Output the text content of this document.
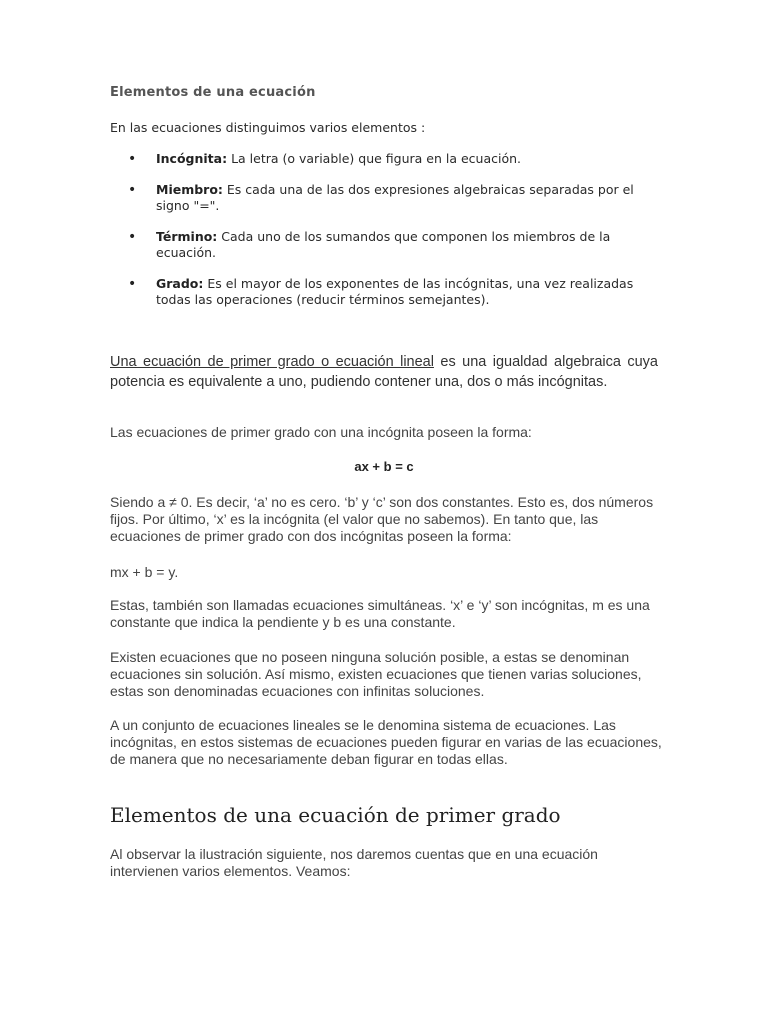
Elementos de una ecuación
En las ecuaciones distinguimos varios elementos :
• Incógnita: La letra (o variable) que figura en la ecuación.
• Miembro: Es cada una de las dos expresiones algebraicas separadas por el signo "=".
• Término: Cada uno de los sumandos que componen los miembros de la ecuación.
• Grado: Es el mayor de los exponentes de las incógnitas, una vez realizadas todas las operaciones (reducir términos semejantes).
Una ecuación de primer grado o ecuación lineal es una igualdad algebraica cuya potencia es equivalente a uno, pudiendo contener una, dos o más incógnitas.
Las ecuaciones de primer grado con una incógnita poseen la forma:
ax + b = c
Siendo a ≠ 0. Es decir, ‘a’ no es cero. ‘b’ y ‘c’ son dos constantes. Esto es, dos números fijos. Por último, ‘x’ es la incógnita (el valor que no sabemos). En tanto que, las ecuaciones de primer grado con dos incógnitas poseen la forma:
mx + b = y.
Estas, también son llamadas ecuaciones simultáneas. ‘x’ e ‘y’ son incógnitas, m es una constante que indica la pendiente y b es una constante.
Existen ecuaciones que no poseen ninguna solución posible, a estas se denominan ecuaciones sin solución. Así mismo, existen ecuaciones que tienen varias soluciones, estas son denominadas ecuaciones con infinitas soluciones.
A un conjunto de ecuaciones lineales se le denomina sistema de ecuaciones. Las incógnitas, en estos sistemas de ecuaciones pueden figurar en varias de las ecuaciones, de manera que no necesariamente deban figurar en todas ellas.
Elementos de una ecuación de primer grado
Al observar la ilustración siguiente, nos daremos cuentas que en una ecuación intervienen varios elementos. Veamos:
